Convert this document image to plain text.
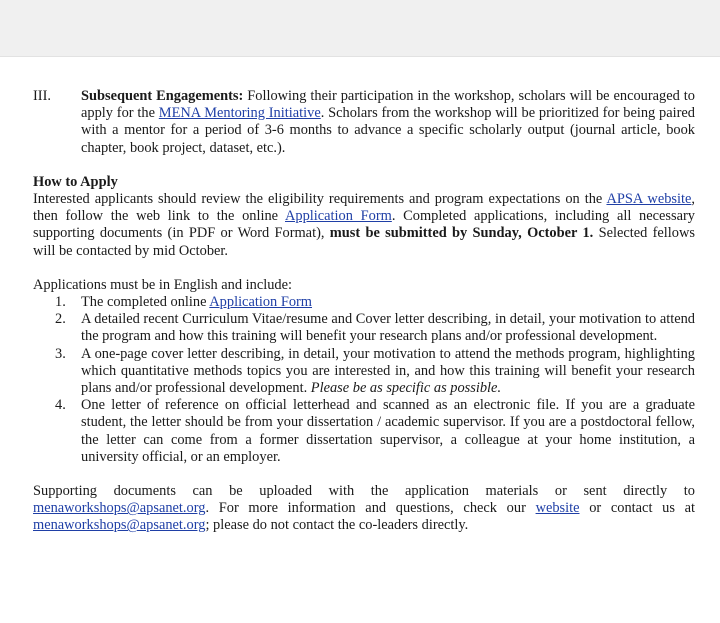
III.	Subsequent Engagements: Following their participation in the workshop, scholars will be encouraged to apply for the MENA Mentoring Initiative. Scholars from the workshop will be prioritized for being paired with a mentor for a period of 3-6 months to advance a specific scholarly output (journal article, book chapter, book project, dataset, etc.).

How to Apply

Interested applicants should review the eligibility requirements and program expectations on the APSA website, then follow the web link to the online Application Form. Completed applications, including all necessary supporting documents (in PDF or Word Format), must be submitted by Sunday, October 1. Selected fellows will be contacted by mid October.

Applications must be in English and include:

1.	The completed online Application Form
2.	A detailed recent Curriculum Vitae/resume and Cover letter describing, in detail, your motivation to attend the program and how this training will benefit your research plans and/or professional development.
3.	A one-page cover letter describing, in detail, your motivation to attend the methods program, highlighting which quantitative methods topics you are interested in, and how this training will benefit your research plans and/or professional development. Please be as specific as possible.
4.	One letter of reference on official letterhead and scanned as an electronic file. If you are a graduate student, the letter should be from your dissertation / academic supervisor. If you are a postdoctoral fellow, the letter can come from a former dissertation supervisor, a colleague at your home institution, a university official, or an employer.

Supporting documents can be uploaded with the application materials or sent directly to menaworkshops@apsanet.org. For more information and questions, check our website or contact us at menaworkshops@apsanet.org; please do not contact the co-leaders directly.
